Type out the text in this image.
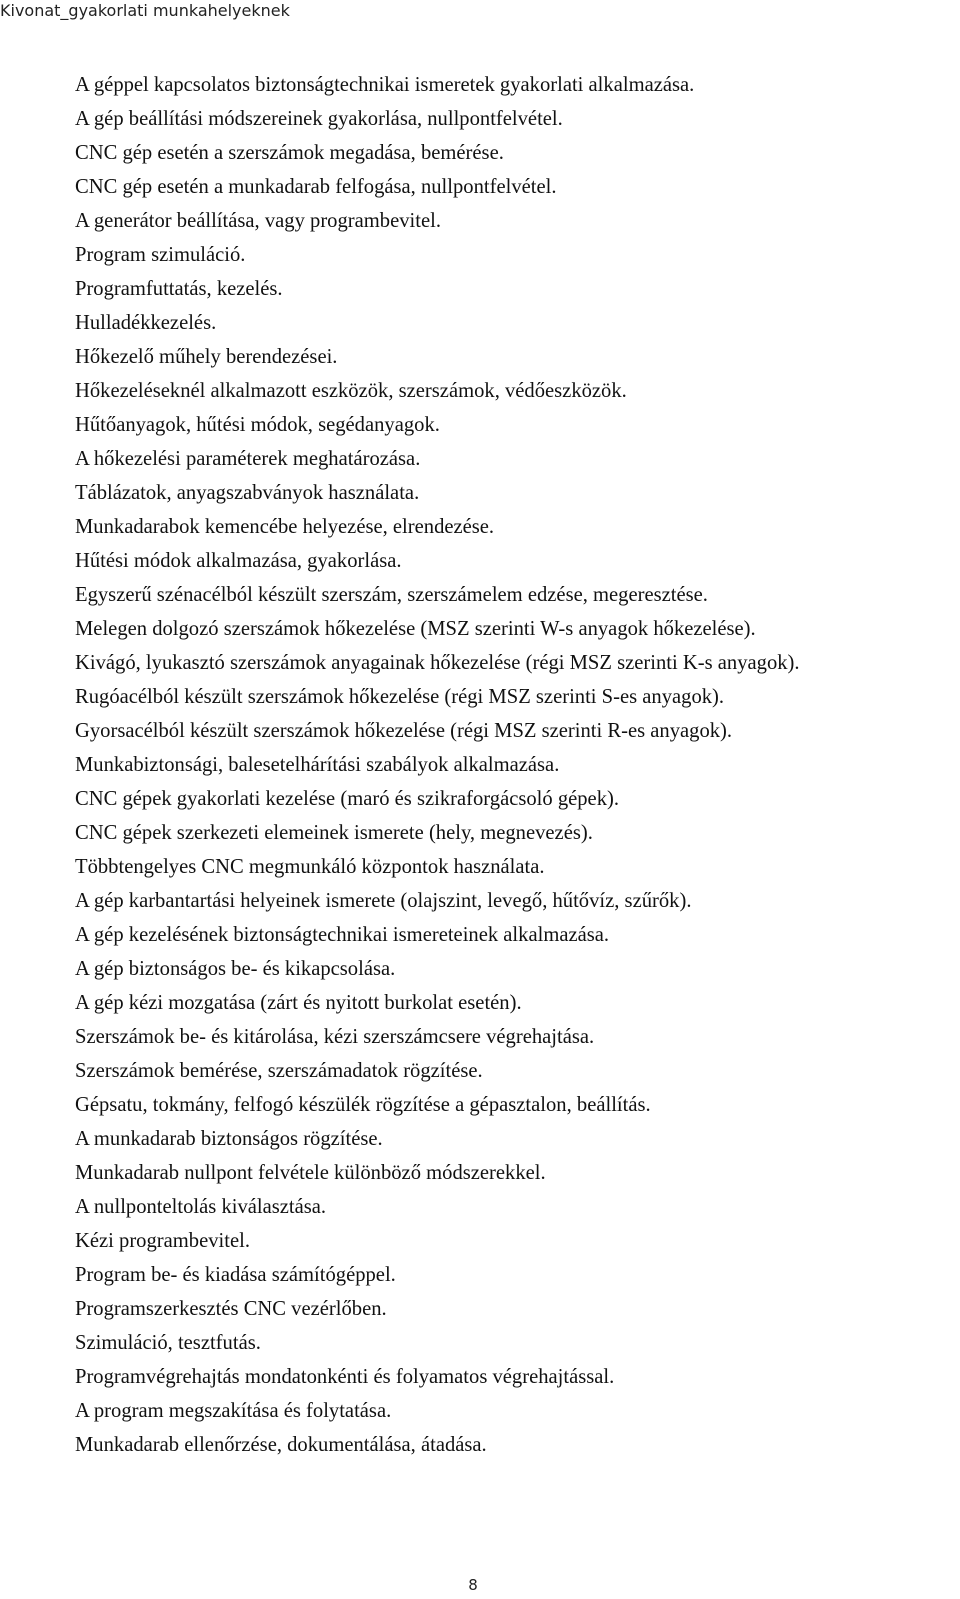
Kivonat_gyakorlati munkahelyeknek
A géppel kapcsolatos biztonságtechnikai ismeretek gyakorlati alkalmazása.
A gép beállítási módszereinek gyakorlása, nullpontfelvétel.
CNC gép esetén a szerszámok megadása, bemérése.
CNC gép esetén a munkadarab felfogása, nullpontfelvétel.
A generátor beállítása, vagy programbevitel.
Program szimuláció.
Programfuttatás, kezelés.
Hulladékkezelés.
Hőkezelő műhely berendezései.
Hőkezeléseknél alkalmazott eszközök, szerszámok, védőeszközök.
Hűtőanyagok, hűtési módok, segédanyagok.
A hőkezelési paraméterek meghatározása.
Táblázatok, anyagszabványok használata.
Munkadarabok kemencébe helyezése, elrendezése.
Hűtési módok alkalmazása, gyakorlása.
Egyszerű szénacélból készült szerszám, szerszámelem edzése, megeresztése.
Melegen dolgozó szerszámok hőkezelése (MSZ szerinti W-s anyagok hőkezelése).
Kivágó, lyukasztó szerszámok anyagainak hőkezelése (régi MSZ szerinti K-s anyagok).
Rugóacélból készült szerszámok hőkezelése (régi MSZ szerinti S-es anyagok).
Gyorsacélból készült szerszámok hőkezelése (régi MSZ szerinti R-es anyagok).
Munkabiztonsági, balesetelhárítási szabályok alkalmazása.
CNC gépek gyakorlati kezelése (maró és szikraforgácsoló gépek).
CNC gépek szerkezeti elemeinek ismerete (hely, megnevezés).
Többtengelyes CNC megmunkáló központok használata.
A gép karbantartási helyeinek ismerete (olajszint, levegő, hűtővíz, szűrők).
A gép kezelésének biztonságtechnikai ismereteinek alkalmazása.
A gép biztonságos be- és kikapcsolása.
A gép kézi mozgatása (zárt és nyitott burkolat esetén).
Szerszámok be- és kitárolása, kézi szerszámcsere végrehajtása.
Szerszámok bemérése, szerszámadatok rögzítése.
Gépsatu, tokmány, felfogó készülék rögzítése a gépasztalon, beállítás.
A munkadarab biztonságos rögzítése.
Munkadarab nullpont felvétele különböző módszerekkel.
A nullponteltolás kiválasztása.
Kézi programbevitel.
Program be- és kiadása számítógéppel.
Programszerkesztés CNC vezérlőben.
Szimuláció, tesztfutás.
Programvégrehajtás mondatonkénti és folyamatos végrehajtással.
A program megszakítása és folytatása.
Munkadarab ellenőrzése, dokumentálása, átadása.
8
